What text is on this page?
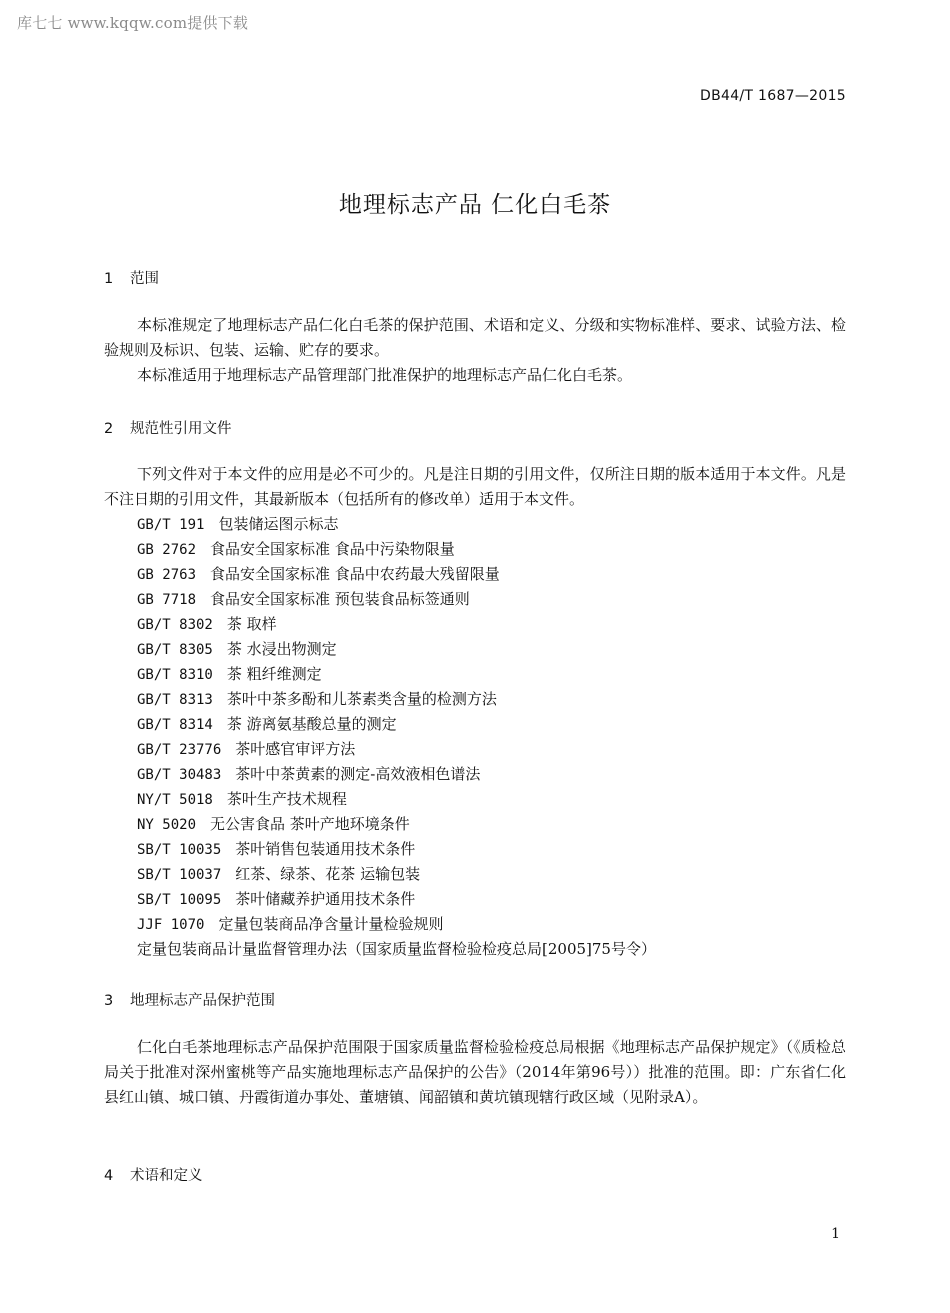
库七七 www.kqqw.com提供下载
DB44/T 1687—2015
地理标志产品 仁化白毛茶
1 范围
本标准规定了地理标志产品仁化白毛茶的保护范围、术语和定义、分级和实物标准样、要求、试验方法、检验规则及标识、包装、运输、贮存的要求。
本标准适用于地理标志产品管理部门批准保护的地理标志产品仁化白毛茶。
2 规范性引用文件
下列文件对于本文件的应用是必不可少的。凡是注日期的引用文件，仅所注日期的版本适用于本文件。凡是不注日期的引用文件，其最新版本（包括所有的修改单）适用于本文件。
GB/T 191 包装储运图示标志
GB 2762 食品安全国家标准 食品中污染物限量
GB 2763 食品安全国家标准 食品中农药最大残留限量
GB 7718 食品安全国家标准 预包装食品标签通则
GB/T 8302 茶 取样
GB/T 8305 茶 水浸出物测定
GB/T 8310 茶 粗纤维测定
GB/T 8313 茶叶中茶多酚和儿茶素类含量的检测方法
GB/T 8314 茶 游离氨基酸总量的测定
GB/T 23776 茶叶感官审评方法
GB/T 30483 茶叶中茶黄素的测定-高效液相色谱法
NY/T 5018 茶叶生产技术规程
NY 5020 无公害食品 茶叶产地环境条件
SB/T 10035 茶叶销售包装通用技术条件
SB/T 10037 红茶、绿茶、花茶 运输包装
SB/T 10095 茶叶储藏养护通用技术条件
JJF 1070 定量包装商品净含量计量检验规则
定量包装商品计量监督管理办法（国家质量监督检验检疫总局[2005]75号令）
3 地理标志产品保护范围
仁化白毛茶地理标志产品保护范围限于国家质量监督检验检疫总局根据《地理标志产品保护规定》（《质检总局关于批准对深州蜜桃等产品实施地理标志产品保护的公告》（2014年第96号））批准的范围。即：广东省仁化县红山镇、城口镇、丹霞街道办事处、董塘镇、闻韶镇和黄坑镇现辖行政区域（见附录A）。
4 术语和定义
1
